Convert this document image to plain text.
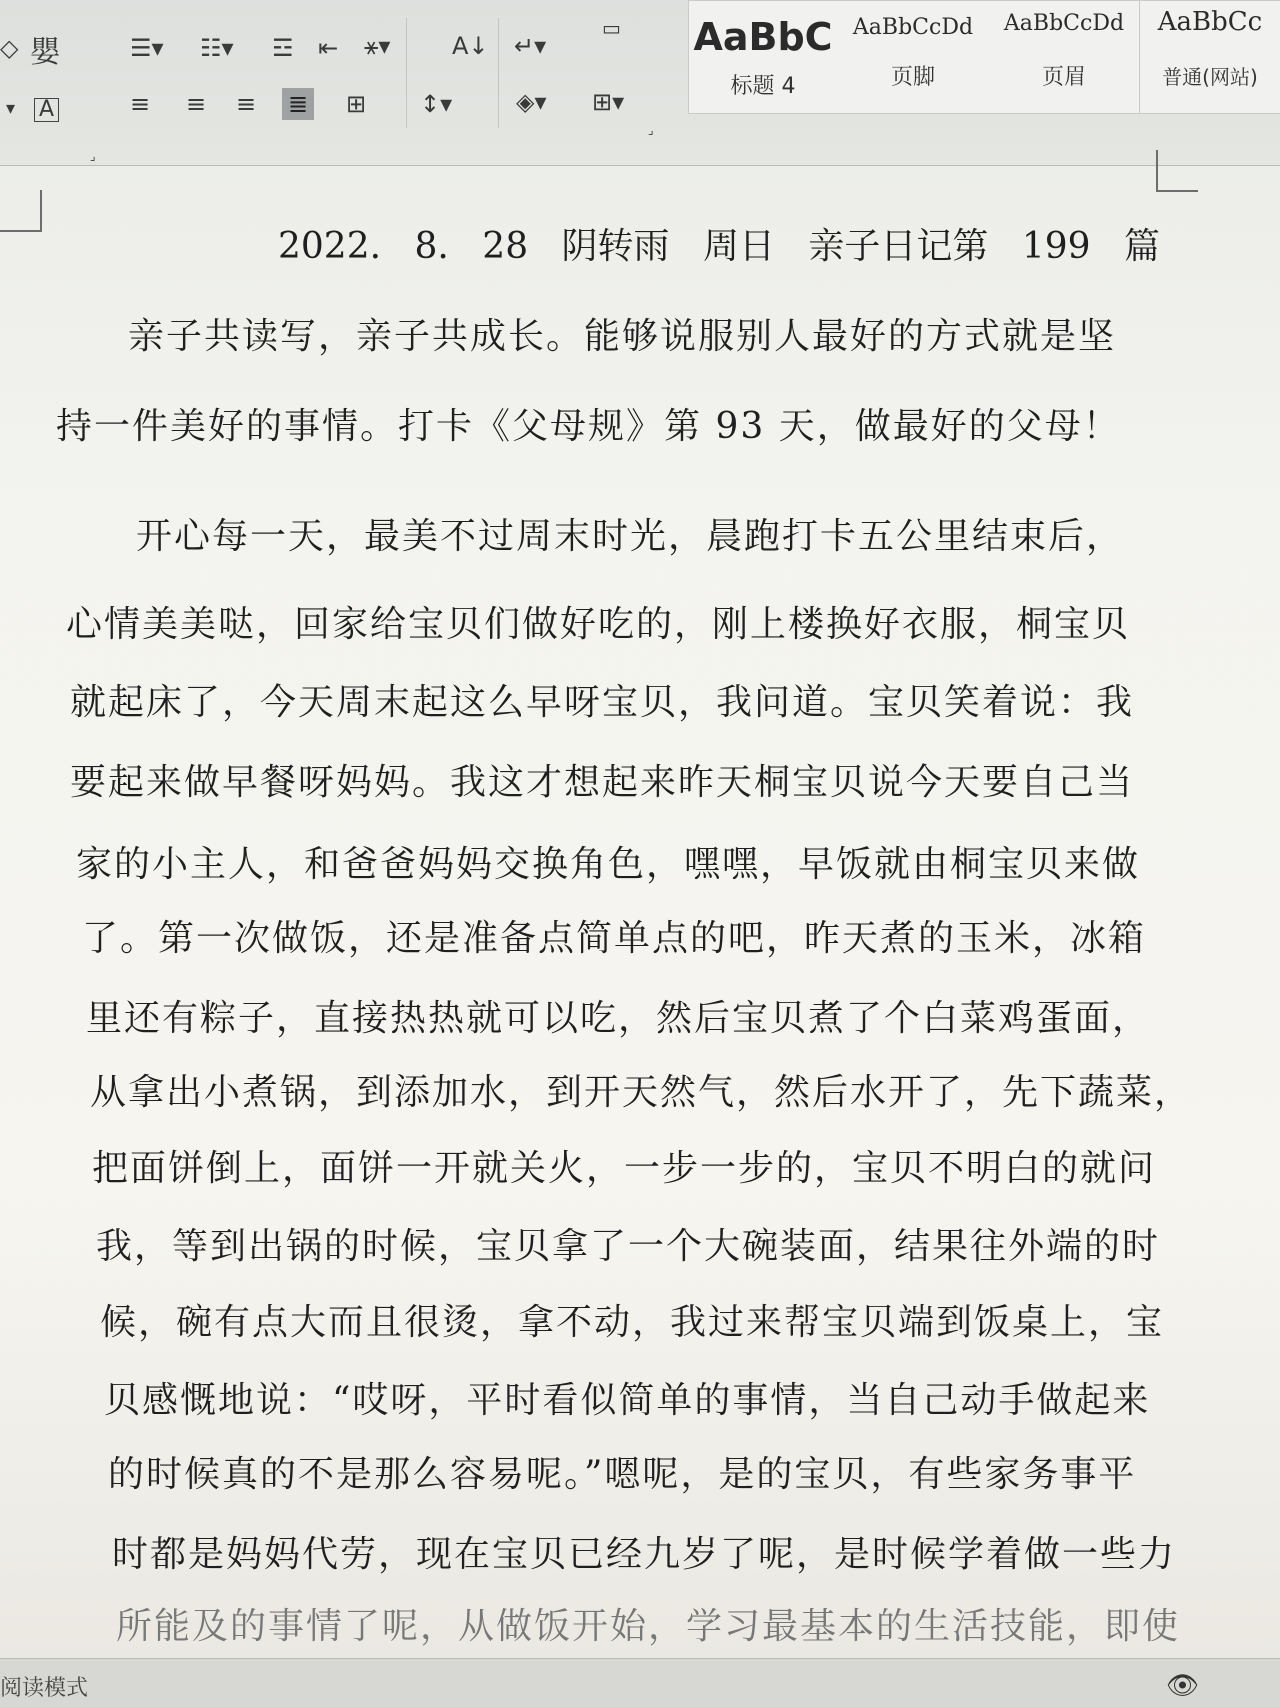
◇ 嬰
▾ A
☰▾ ☷▾ ☲ ⇤ ⚹▾	A↓ ↵▾
▭
≡ ≡ ≡ ≣ ⊞ ↕▾	◈▾ ⊞▾
⌟
⌟
AaBbC
标题 4
AaBbCcDd
页脚
AaBbCcDd
页眉
AaBbCc
普通(网站)
2022. 8. 28 阴转雨 周日 亲子日记第 199 篇
亲子共读写，亲子共成长。能够说服别人最好的方式就是坚
持一件美好的事情。打卡《父母规》第 93 天，做最好的父母！
开心每一天，最美不过周末时光，晨跑打卡五公里结束后，
心情美美哒，回家给宝贝们做好吃的，刚上楼换好衣服，桐宝贝
就起床了，今天周末起这么早呀宝贝，我问道。宝贝笑着说：我
要起来做早餐呀妈妈。我这才想起来昨天桐宝贝说今天要自己当
家的小主人，和爸爸妈妈交换角色，嘿嘿，早饭就由桐宝贝来做
了。第一次做饭，还是准备点简单点的吧，昨天煮的玉米，冰箱
里还有粽子，直接热热就可以吃，然后宝贝煮了个白菜鸡蛋面，
从拿出小煮锅，到添加水，到开天然气，然后水开了，先下蔬菜，
把面饼倒上，面饼一开就关火，一步一步的，宝贝不明白的就问
我，等到出锅的时候，宝贝拿了一个大碗装面，结果往外端的时
候，碗有点大而且很烫，拿不动，我过来帮宝贝端到饭桌上，宝
贝感慨地说：“哎呀，平时看似简单的事情，当自己动手做起来
的时候真的不是那么容易呢。”嗯呢，是的宝贝，有些家务事平
时都是妈妈代劳，现在宝贝已经九岁了呢，是时候学着做一些力
所能及的事情了呢，从做饭开始，学习最基本的生活技能，即使
阅读模式	👁
